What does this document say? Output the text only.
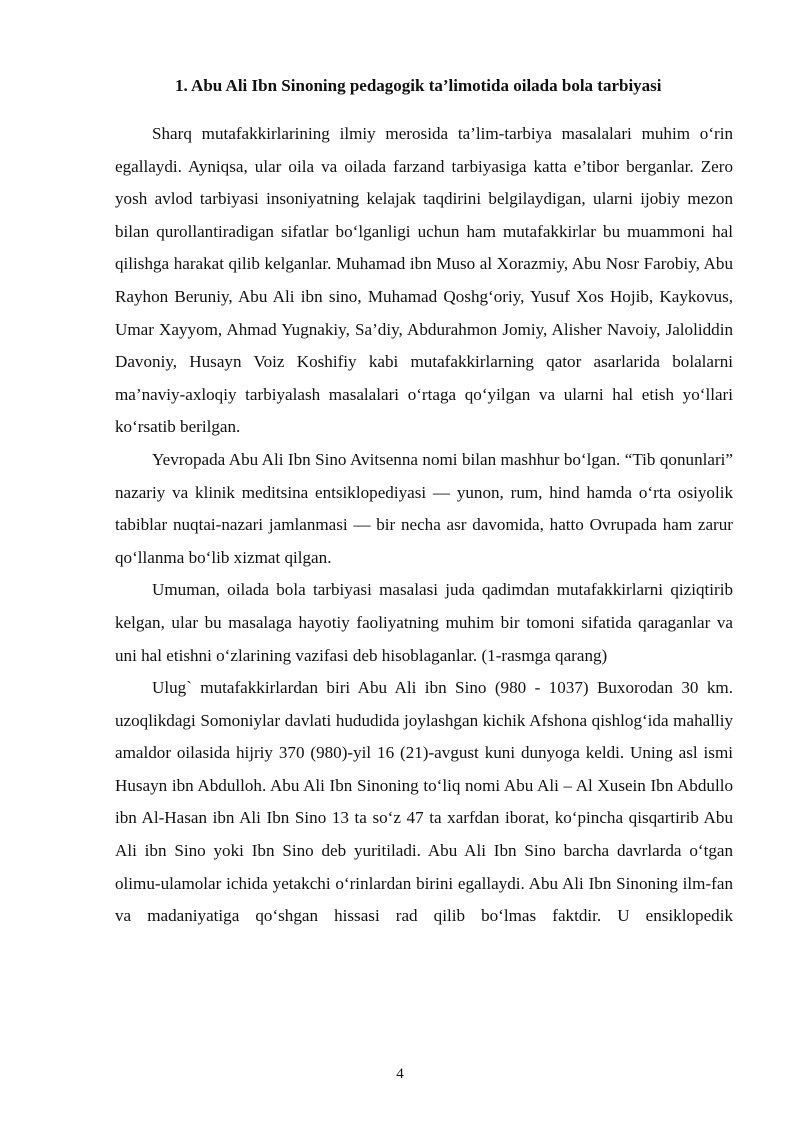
1. Abu Ali Ibn Sinoning pedagogik ta’limotida oilada bola tarbiyasi

Sharq mutafakkirlarining ilmiy merosida ta’lim-tarbiya masalalari muhim o‘rin egallaydi. Ayniqsa, ular oila va oilada farzand tarbiyasiga katta e’tibor berganlar. Zero yosh avlod tarbiyasi insoniyatning kelajak taqdirini belgilaydigan, ularni ijobiy mezon bilan qurollantiradigan sifatlar bo‘lganligi uchun ham mutafakkirlar bu muammoni hal qilishga harakat qilib kelganlar. Muhamad ibn Muso al Xorazmiy, Abu Nosr Farobiy, Abu Rayhon Beruniy, Abu Ali ibn sino, Muhamad Qoshg‘oriy, Yusuf Xos Hojib, Kaykovus, Umar Xayyom, Ahmad Yugnakiy, Sa’diy, Abdurahmon Jomiy, Alisher Navoiy, Jaloliddin Davoniy, Husayn Voiz Koshifiy kabi mutafakkirlarning qator asarlarida bolalarni ma’naviy-axloqiy tarbiyalash masalalari o‘rtaga qo‘yilgan va ularni hal etish yo‘llari ko‘rsatib berilgan.

Yevropada Abu Ali Ibn Sino Avitsenna nomi bilan mashhur bo‘lgan. “Tib qonunlari” nazariy va klinik meditsina entsiklopediyasi — yunon, rum, hind hamda o‘rta osiyolik tabiblar nuqtai-nazari jamlanmasi — bir necha asr davomida, hatto Ovrupada ham zarur qo‘llanma bo‘lib xizmat qilgan.

Umuman, oilada bola tarbiyasi masalasi juda qadimdan mutafakkirlarni qiziqtirib kelgan, ular bu masalaga hayotiy faoliyatning muhim bir tomoni sifatida qaraganlar va uni hal etishni o‘zlarining vazifasi deb hisoblaganlar. (1-rasmga qarang)

Ulug` mutafakkirlardan biri Abu Ali ibn Sino (980 - 1037) Buxorodan 30 km. uzoqlikdagi Somoniylar davlati hududida joylashgan kichik Afshona qishlog‘ida mahalliy amaldor oilasida hijriy 370 (980)-yil 16 (21)-avgust kuni dunyoga keldi. Uning asl ismi Husayn ibn Abdulloh. Abu Ali Ibn Sinoning to‘liq nomi Abu Ali – Al Xusein Ibn Abdullo ibn Al-Hasan ibn Ali Ibn Sino 13 ta so‘z 47 ta xarfdan iborat, ko‘pincha qisqartirib Abu Ali ibn Sino yoki Ibn Sino deb yuritiladi. Abu Ali Ibn Sino barcha davrlarda o‘tgan olimu-ulamolar ichida yetakchi o‘rinlardan birini egallaydi. Abu Ali Ibn Sinoning ilm-fan va madaniyatiga qo‘shgan hissasi rad qilib bo‘lmas faktdir. U ensiklopedik

4
